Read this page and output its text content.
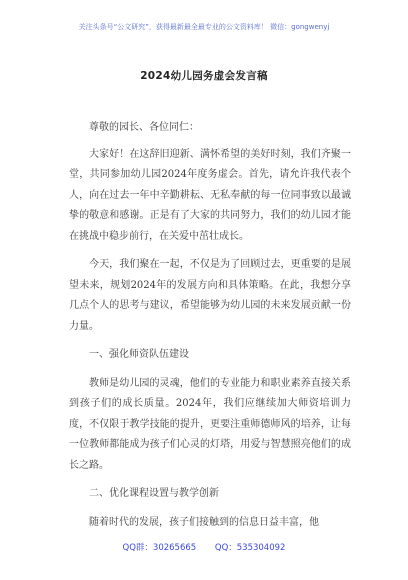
关注头条号“公文研究”，获得最新最全最专业的公文资料库！ 微信：gongwenyj
2024幼儿园务虚会发言稿

尊敬的园长、各位同仁：

大家好！在这辞旧迎新、满怀希望的美好时刻，我们齐聚一堂，共同参加幼儿园2024年度务虚会。首先，请允许我代表个人，向在过去一年中辛勤耕耘、无私奉献的每一位同事致以最诚挚的敬意和感谢。正是有了大家的共同努力，我们的幼儿园才能在挑战中稳步前行，在关爱中茁壮成长。

今天，我们聚在一起，不仅是为了回顾过去，更重要的是展望未来，规划2024年的发展方向和具体策略。在此，我想分享几点个人的思考与建议，希望能够为幼儿园的未来发展贡献一份力量。

一、强化师资队伍建设

教师是幼儿园的灵魂，他们的专业能力和职业素养直接关系到孩子们的成长质量。2024年，我们应继续加大师资培训力度，不仅限于教学技能的提升，更要注重师德师风的培养，让每一位教师都能成为孩子们心灵的灯塔，用爱与智慧照亮他们的成长之路。

二、优化课程设置与教学创新

随着时代的发展，孩子们接触到的信息日益丰富，他

QQ群：30265665 QQ：535304092
